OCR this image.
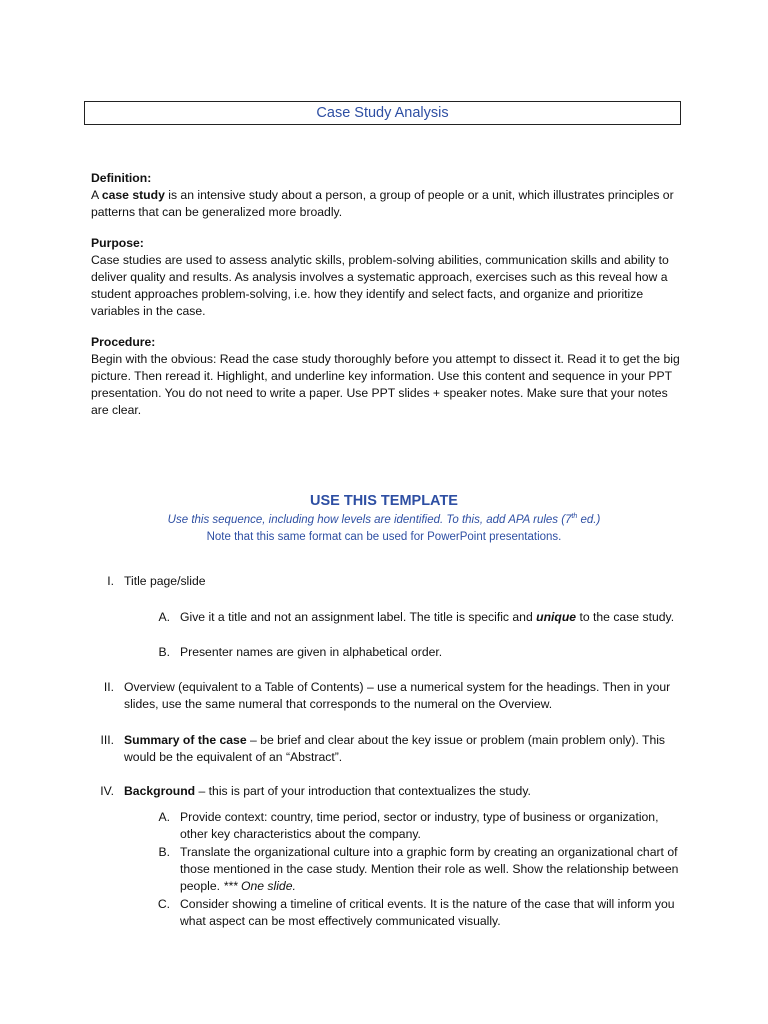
Case Study Analysis
Definition:
A case study is an intensive study about a person, a group of people or a unit, which illustrates principles or patterns that can be generalized more broadly.
Purpose:
Case studies are used to assess analytic skills, problem-solving abilities, communication skills and ability to deliver quality and results. As analysis involves a systematic approach, exercises such as this reveal how a student approaches problem-solving, i.e. how they identify and select facts, and organize and prioritize variables in the case.
Procedure:
Begin with the obvious: Read the case study thoroughly before you attempt to dissect it. Read it to get the big picture. Then reread it. Highlight, and underline key information. Use this content and sequence in your PPT presentation. You do not need to write a paper. Use PPT slides + speaker notes. Make sure that your notes are clear.
USE THIS TEMPLATE
Use this sequence, including how levels are identified. To this, add APA rules (7th ed.)
Note that this same format can be used for PowerPoint presentations.
I. Title page/slide
A. Give it a title and not an assignment label. The title is specific and unique to the case study.
B. Presenter names are given in alphabetical order.
II. Overview (equivalent to a Table of Contents) – use a numerical system for the headings. Then in your slides, use the same numeral that corresponds to the numeral on the Overview.
III. Summary of the case – be brief and clear about the key issue or problem (main problem only). This would be the equivalent of an “Abstract”.
IV. Background – this is part of your introduction that contextualizes the study.
A. Provide context: country, time period, sector or industry, type of business or organization, other key characteristics about the company.
B. Translate the organizational culture into a graphic form by creating an organizational chart of those mentioned in the case study. Mention their role as well. Show the relationship between people. *** One slide.
C. Consider showing a timeline of critical events. It is the nature of the case that will inform you what aspect can be most effectively communicated visually.
